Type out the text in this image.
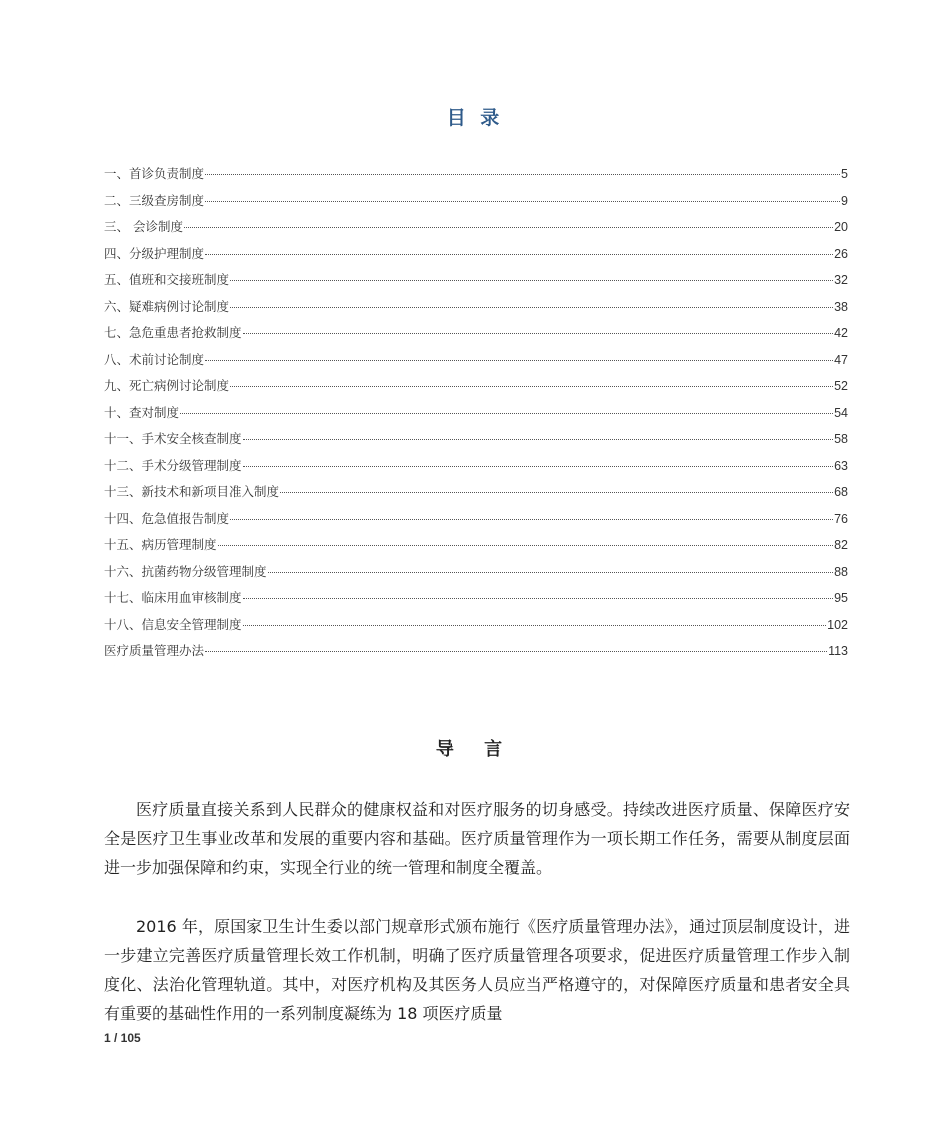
目 录
一、首诊负责制度	5
二、三级查房制度	9
三、 会诊制度	20
四、分级护理制度	26
五、值班和交接班制度	32
六、疑难病例讨论制度	38
七、急危重患者抢救制度	42
八、术前讨论制度	47
九、死亡病例讨论制度	52
十、查对制度	54
十一、手术安全核查制度	58
十二、手术分级管理制度	63
十三、新技术和新项目准入制度	68
十四、危急值报告制度	76
十五、病历管理制度	82
十六、抗菌药物分级管理制度	88
十七、临床用血审核制度	95
十八、信息安全管理制度	102
医疗质量管理办法	113
导 言

医疗质量直接关系到人民群众的健康权益和对医疗服务的切身感受。持续改进医疗质量、保障医疗安全是医疗卫生事业改革和发展的重要内容和基础。医疗质量管理作为一项长期工作任务，需要从制度层面进一步加强保障和约束，实现全行业的统一管理和制度全覆盖。

2016 年，原国家卫生计生委以部门规章形式颁布施行《医疗质量管理办法》，通过顶层制度设计，进一步建立完善医疗质量管理长效工作机制，明确了医疗质量管理各项要求，促进医疗质量管理工作步入制度化、法治化管理轨道。其中，对医疗机构及其医务人员应当严格遵守的，对保障医疗质量和患者安全具有重要的基础性作用的一系列制度凝练为 18 项医疗质量

1 / 105
